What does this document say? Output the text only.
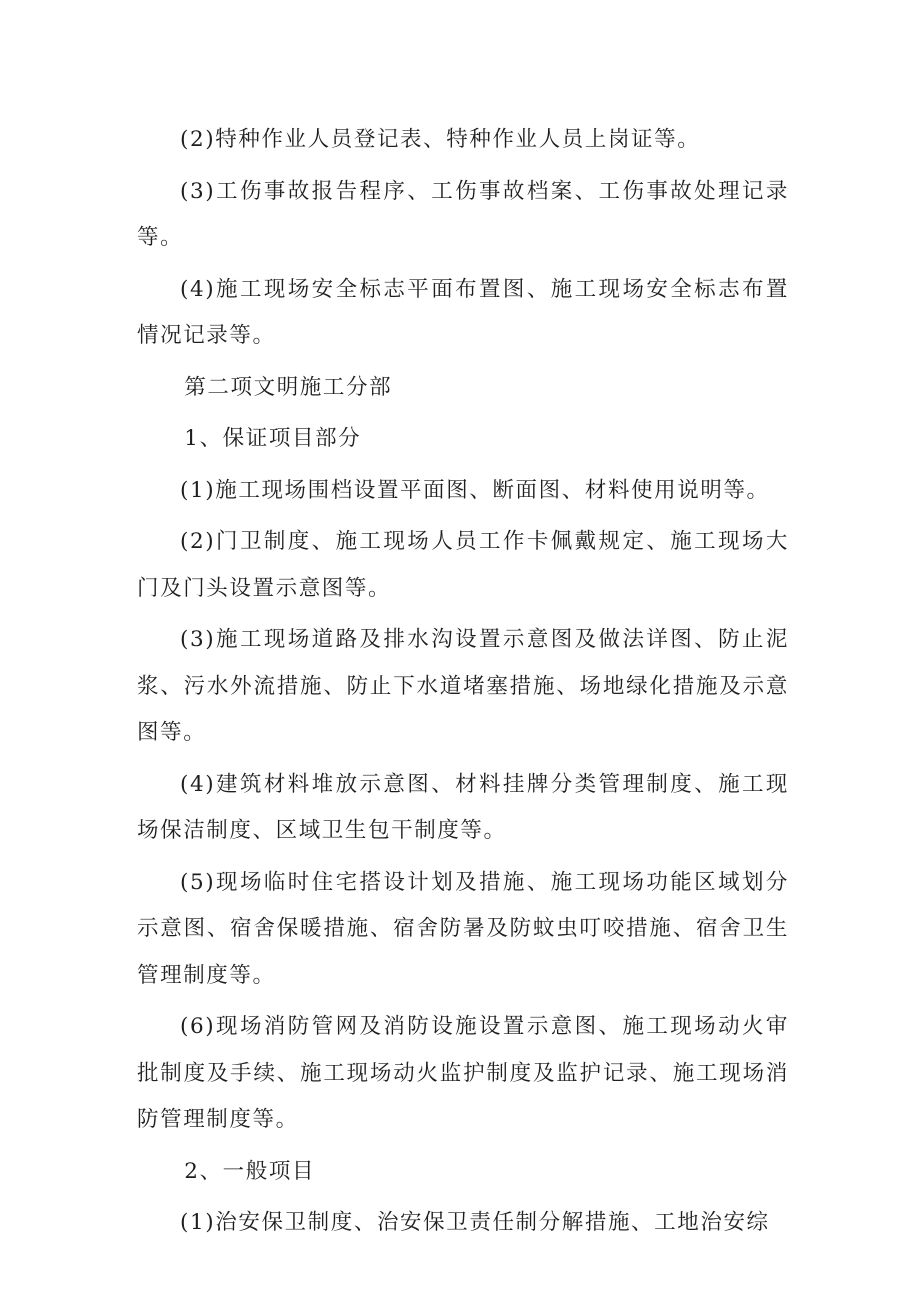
(2)特种作业人员登记表、特种作业人员上岗证等。

(3)工伤事故报告程序、工伤事故档案、工伤事故处理记录等。

(4)施工现场安全标志平面布置图、施工现场安全标志布置情况记录等。

第二项文明施工分部

1、保证项目部分

(1)施工现场围档设置平面图、断面图、材料使用说明等。

(2)门卫制度、施工现场人员工作卡佩戴规定、施工现场大门及门头设置示意图等。

(3)施工现场道路及排水沟设置示意图及做法详图、防止泥浆、污水外流措施、防止下水道堵塞措施、场地绿化措施及示意图等。

(4)建筑材料堆放示意图、材料挂牌分类管理制度、施工现场保洁制度、区域卫生包干制度等。

(5)现场临时住宅搭设计划及措施、施工现场功能区域划分示意图、宿舍保暖措施、宿舍防暑及防蚊虫叮咬措施、宿舍卫生管理制度等。

(6)现场消防管网及消防设施设置示意图、施工现场动火审批制度及手续、施工现场动火监护制度及监护记录、施工现场消防管理制度等。

2、一般项目

(1)治安保卫制度、治安保卫责任制分解措施、工地治安综
